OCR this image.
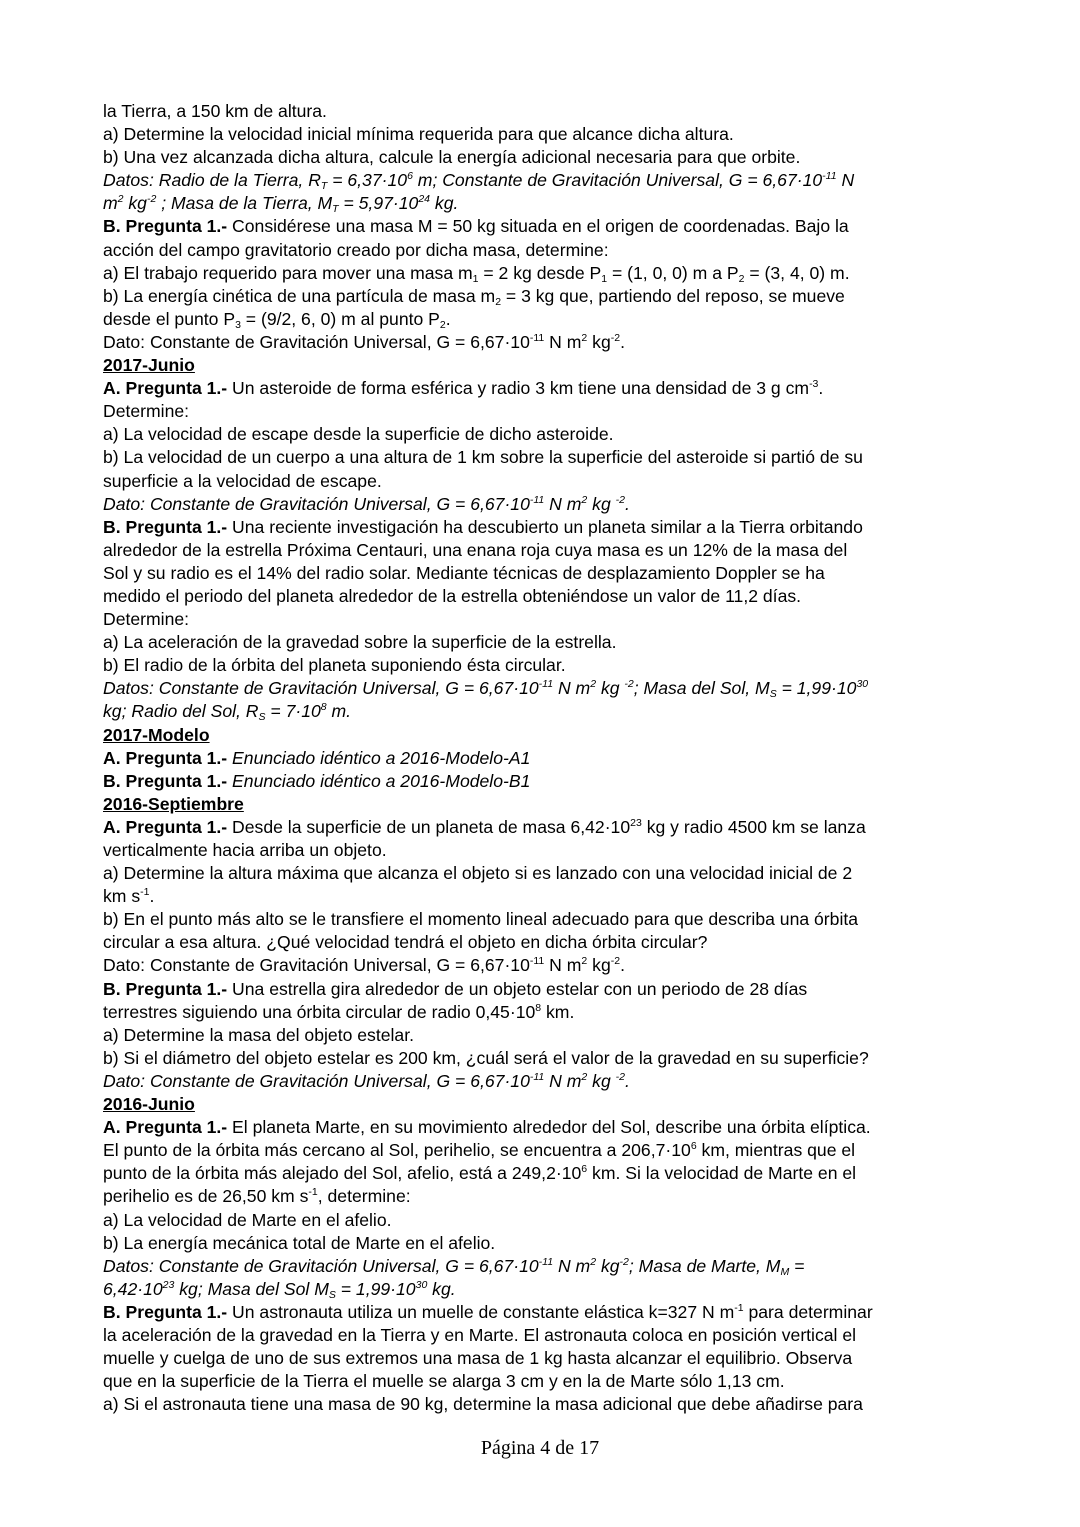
la Tierra, a 150 km de altura.
a) Determine la velocidad inicial mínima requerida para que alcance dicha altura.
b) Una vez alcanzada dicha altura, calcule la energía adicional necesaria para que orbite.
Datos: Radio de la Tierra, $R_T = 6,37\cdot 10^6$ m; Constante de Gravitación Universal, $G = 6,67\cdot 10^{-11}$ N
$m^2$ $kg^{-2}$ ; Masa de la Tierra, $M_T = 5,97\cdot 10^{24}$ kg.
B. Pregunta 1.- Considérese una masa M = 50 kg situada en el origen de coordenadas. Bajo la
acción del campo gravitatorio creado por dicha masa, determine:
a) El trabajo requerido para mover una masa $m_1 = 2$ kg desde $P_1 = (1$, 0, 0) m a $P_2 = (3$, 4, 0) m.
b) La energía cinética de una partícula de masa $m_2 = 3$ kg que, partiendo del reposo, se mueve
desde el punto $P_3 = (9/2$, 6, 0) m al punto $P_2$.
Dato: Constante de Gravitación Universal, $G = 6,67\cdot 10^{-11}$ N $m^2$ $kg^{-2}$.
2017-Junio
A. Pregunta 1.- Un asteroide de forma esférica y radio 3 km tiene una densidad de 3 g $cm^{-3}$.
Determine:
a) La velocidad de escape desde la superficie de dicho asteroide.
b) La velocidad de un cuerpo a una altura de 1 km sobre la superficie del asteroide si partió de su
superficie a la velocidad de escape.
Dato: Constante de Gravitación Universal, $G = 6,67\cdot 10^{-11}$ N $m^2$ kg $^{-2}$.
B. Pregunta 1.- Una reciente investigación ha descubierto un planeta similar a la Tierra orbitando
alrededor de la estrella Próxima Centauri, una enana roja cuya masa es un 12% de la masa del
Sol y su radio es el 14% del radio solar. Mediante técnicas de desplazamiento Doppler se ha
medido el periodo del planeta alrededor de la estrella obteniéndose un valor de 11,2 días.
Determine:
a) La aceleración de la gravedad sobre la superficie de la estrella.
b) El radio de la órbita del planeta suponiendo ésta circular.
Datos: Constante de Gravitación Universal, $G = 6,67\cdot 10^{-11}$ N $m^2$ kg $^{-2}$; Masa del Sol, $M_S = 1,99\cdot 10^{30}$
kg; Radio del Sol, $R_S = 7\cdot 10^8$ m.
2017-Modelo
A. Pregunta 1.- Enunciado idéntico a 2016-Modelo-A1
B. Pregunta 1.- Enunciado idéntico a 2016-Modelo-B1
2016-Septiembre
A. Pregunta 1.- Desde la superficie de un planeta de masa $6,42\cdot 10^{23}$ kg y radio 4500 km se lanza
verticalmente hacia arriba un objeto.
a) Determine la altura máxima que alcanza el objeto si es lanzado con una velocidad inicial de 2
km $s^{-1}$.
b) En el punto más alto se le transfiere el momento lineal adecuado para que describa una órbita
circular a esa altura. ¿Qué velocidad tendrá el objeto en dicha órbita circular?
Dato: Constante de Gravitación Universal, $G = 6,67\cdot 10^{-11}$ N $m^2$ $kg^{-2}$.
B. Pregunta 1.- Una estrella gira alrededor de un objeto estelar con un periodo de 28 días
terrestres siguiendo una órbita circular de radio $0,45\cdot 10^8$ km.
a) Determine la masa del objeto estelar.
b) Si el diámetro del objeto estelar es 200 km, ¿cuál será el valor de la gravedad en su superficie?
Dato: Constante de Gravitación Universal, $G = 6,67\cdot 10^{-11}$ N $m^2$ kg $^{-2}$.
2016-Junio
A. Pregunta 1.- El planeta Marte, en su movimiento alrededor del Sol, describe una órbita elíptica.
El punto de la órbita más cercano al Sol, perihelio, se encuentra a $206,7\cdot 10^6$ km, mientras que el
punto de la órbita más alejado del Sol, afelio, está a $249,2\cdot 10^6$ km. Si la velocidad de Marte en el
perihelio es de 26,50 km $s^{-1}$, determine:
a) La velocidad de Marte en el afelio.
b) La energía mecánica total de Marte en el afelio.
Datos: Constante de Gravitación Universal, $G = 6,67\cdot 10^{-11}$ N $m^2$ $kg^{-2}$; Masa de Marte, $M_M$ =
$6,42\cdot 10^{23}$ kg; Masa del Sol $M_S = 1,99\cdot 10^{30}$ kg.
B. Pregunta 1.- Un astronauta utiliza un muelle de constante elástica k=327 N $m^{-1}$ para determinar
la aceleración de la gravedad en la Tierra y en Marte. El astronauta coloca en posición vertical el
muelle y cuelga de uno de sus extremos una masa de 1 kg hasta alcanzar el equilibrio. Observa
que en la superficie de la Tierra el muelle se alarga 3 cm y en la de Marte sólo 1,13 cm.
a) Si el astronauta tiene una masa de 90 kg, determine la masa adicional que debe añadirse para
Página 4 de 17
